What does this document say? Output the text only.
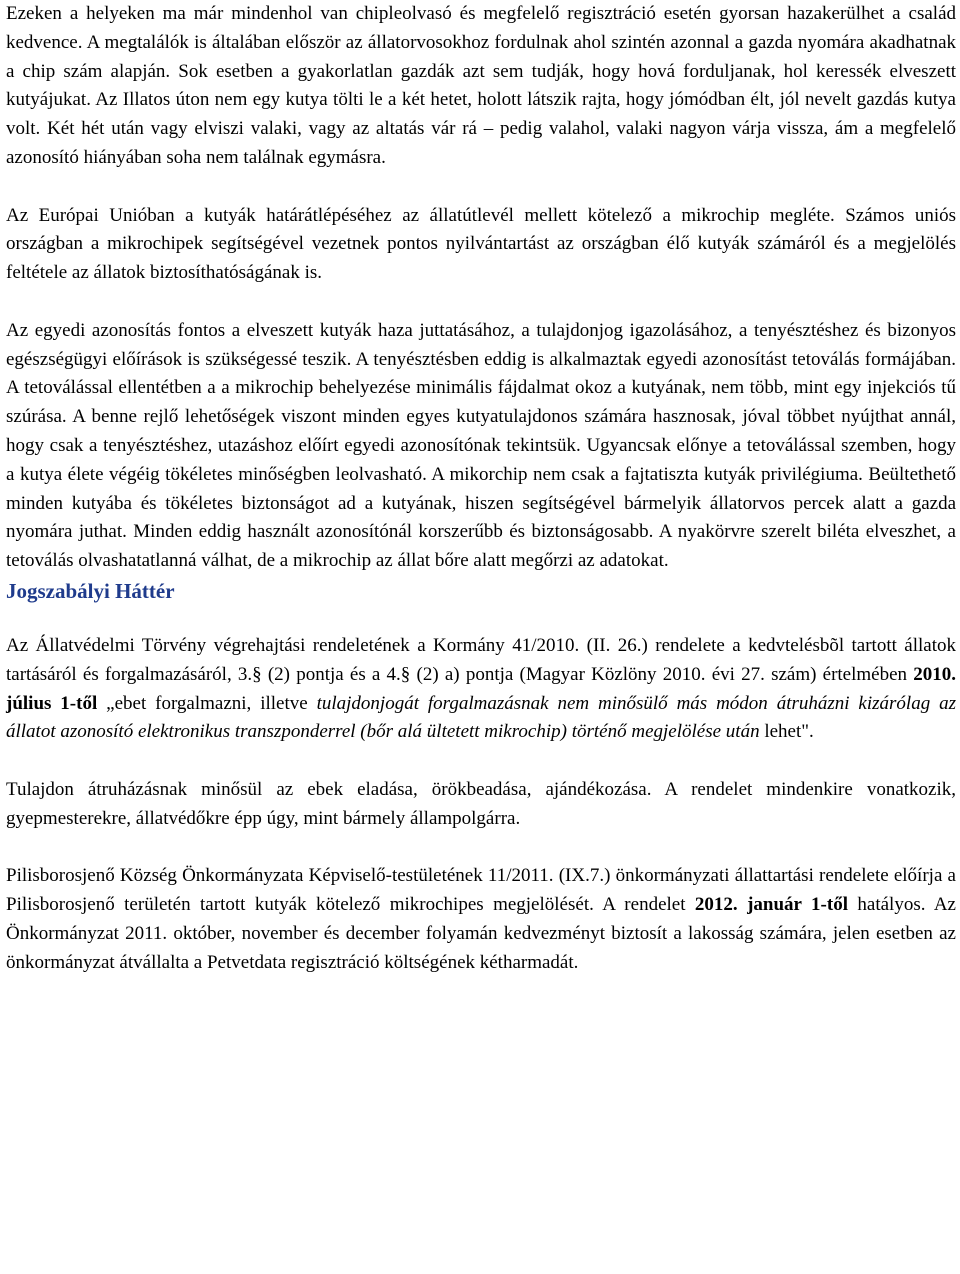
Ezeken a helyeken ma már mindenhol van chipleolvasó és megfelelő regisztráció esetén gyorsan hazakerülhet a család kedvence. A megtalálók is általában először az állatorvosokhoz fordulnak ahol szintén azonnal a gazda nyomára akadhatnak a chip szám alapján. Sok esetben a gyakorlatlan gazdák azt sem tudják, hogy hová forduljanak, hol keressék elveszett kutyájukat. Az Illatos úton nem egy kutya tölti le a két hetet, holott látszik rajta, hogy jómódban élt, jól nevelt gazdás kutya volt. Két hét után vagy elviszi valaki, vagy az altatás vár rá – pedig valahol, valaki nagyon várja vissza, ám a megfelelő azonosító hiányában soha nem találnak egymásra.

Az Európai Unióban a kutyák határátlépéséhez az állatútlevél mellett kötelező a mikrochip megléte. Számos uniós országban a mikrochipek segítségével vezetnek pontos nyilvántartást az országban élő kutyák számáról és a megjelölés feltétele az állatok biztosíthatóságának is.

Az egyedi azonosítás fontos a elveszett kutyák haza juttatásához, a tulajdonjog igazolásához, a tenyésztéshez és bizonyos egészségügyi előírások is szükségessé teszik. A tenyésztésben eddig is alkalmaztak egyedi azonosítást tetoválás formájában. A tetoválással ellentétben a a mikrochip behelyezése minimális fájdalmat okoz a kutyának, nem több, mint egy injekciós tű szúrása. A benne rejlő lehetőségek viszont minden egyes kutyatulajdonos számára hasznosak, jóval többet nyújthat annál, hogy csak a tenyésztéshez, utazáshoz előírt egyedi azonosítónak tekintsük. Ugyancsak előnye a tetoválással szemben, hogy a kutya élete végéig tökéletes minőségben leolvasható. A mikorchip nem csak a fajtatiszta kutyák privilégiuma. Beültethető minden kutyába és tökéletes biztonságot ad a kutyának, hiszen segítségével bármelyik állatorvos percek alatt a gazda nyomára juthat. Minden eddig használt azonosítónál korszerűbb és biztonságosabb. A nyakörvre szerelt biléta elveszhet, a tetoválás olvashatatlanná válhat, de a mikrochip az állat bőre alatt megőrzi az adatokat.

Jogszabályi Háttér

Az Állatvédelmi Törvény végrehajtási rendeletének a Kormány 41/2010. (II. 26.) rendelete a kedvtelésbõl tartott állatok tartásáról és forgalmazásáról, 3.§ (2) pontja és a 4.§ (2) a) pontja (Magyar Közlöny 2010. évi 27. szám) értelmében 2010. július 1-től „ebet forgalmazni, illetve tulajdonjogát forgalmazásnak nem minősülő más módon átruházni kizárólag az állatot azonosító elektronikus transzponderrel (bőr alá ültetett mikrochip) történő megjelölése után lehet".

Tulajdon átruházásnak minősül az ebek eladása, örökbeadása, ajándékozása. A rendelet mindenkire vonatkozik, gyepmesterekre, állatvédőkre épp úgy, mint bármely állampolgárra.

Pilisborosjenő Község Önkormányzata Képviselő-testületének 11/2011. (IX.7.) önkormányzati állattartási rendelete előírja a Pilisborosjenő területén tartott kutyák kötelező mikrochipes megjelölését. A rendelet 2012. január 1-től hatályos. Az Önkormányzat 2011. október, november és december folyamán kedvezményt biztosít a lakosság számára, jelen esetben az önkormányzat átvállalta a Petvetdata regisztráció költségének kétharmadát.
